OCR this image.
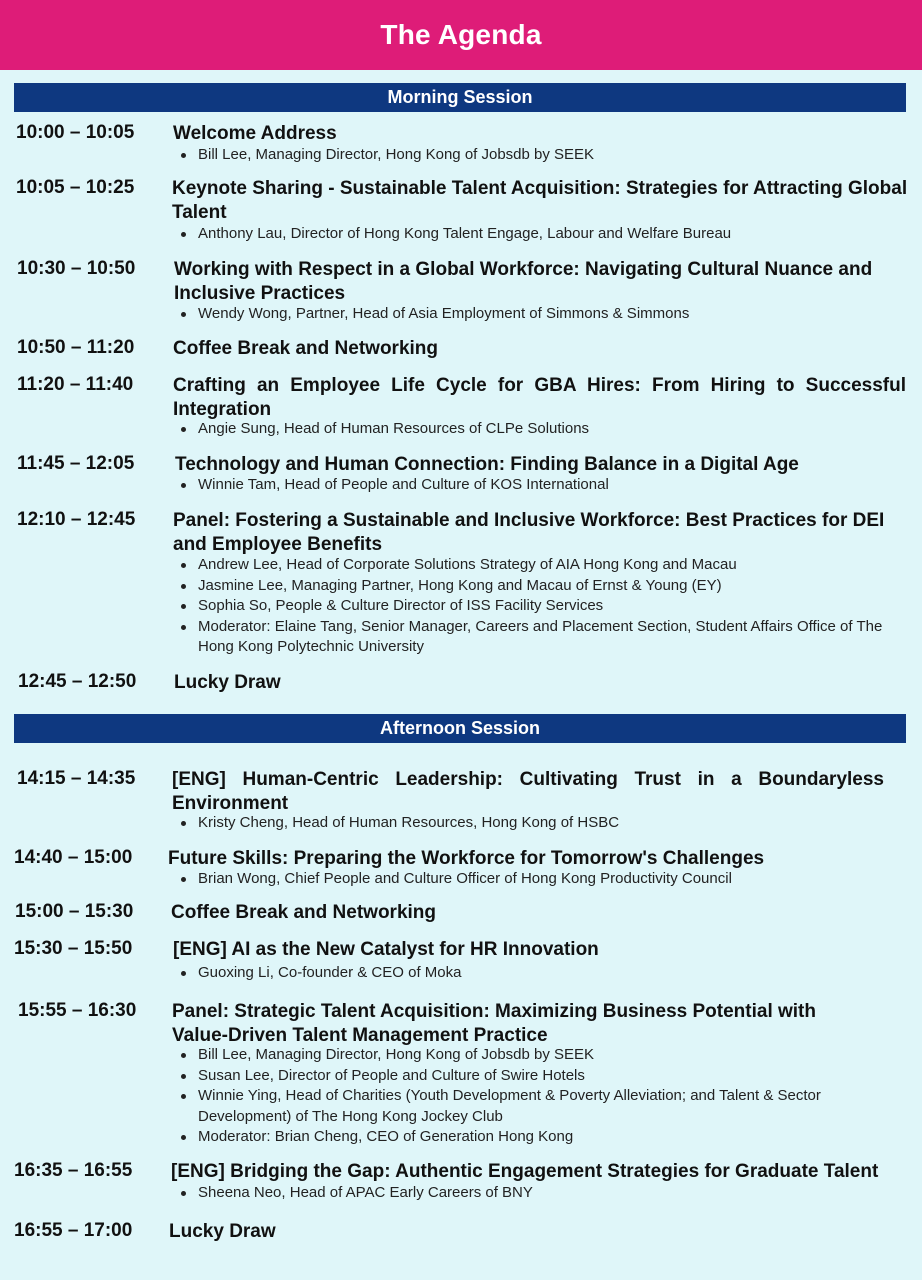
The Agenda
Morning Session
10:00 – 10:05 Welcome Address
Bill Lee, Managing Director, Hong Kong of Jobsdb by SEEK
10:05 – 10:25 Keynote Sharing - Sustainable Talent Acquisition: Strategies for Attracting Global Talent
Anthony Lau, Director of Hong Kong Talent Engage, Labour and Welfare Bureau
10:30 – 10:50 Working with Respect in a Global Workforce: Navigating Cultural Nuance and Inclusive Practices
Wendy Wong, Partner, Head of Asia Employment of Simmons & Simmons
10:50 – 11:20 Coffee Break and Networking
11:20 – 11:40 Crafting an Employee Life Cycle for GBA Hires: From Hiring to Successful Integration
Angie Sung, Head of Human Resources of CLPe Solutions
11:45 – 12:05 Technology and Human Connection: Finding Balance in a Digital Age
Winnie Tam, Head of People and Culture of KOS International
12:10 – 12:45 Panel: Fostering a Sustainable and Inclusive Workforce: Best Practices for DEI and Employee Benefits
Andrew Lee, Head of Corporate Solutions Strategy of AIA Hong Kong and Macau
Jasmine Lee, Managing Partner, Hong Kong and Macau of Ernst & Young (EY)
Sophia So, People & Culture Director of ISS Facility Services
Moderator: Elaine Tang, Senior Manager, Careers and Placement Section, Student Affairs Office of The Hong Kong Polytechnic University
12:45 – 12:50 Lucky Draw
Afternoon Session
14:15 – 14:35 [ENG] Human-Centric Leadership: Cultivating Trust in a Boundaryless Environment
Kristy Cheng, Head of Human Resources, Hong Kong of HSBC
14:40 – 15:00 Future Skills: Preparing the Workforce for Tomorrow's Challenges
Brian Wong, Chief People and Culture Officer of Hong Kong Productivity Council
15:00 – 15:30 Coffee Break and Networking
15:30 – 15:50 [ENG] AI as the New Catalyst for HR Innovation
Guoxing Li, Co-founder & CEO of Moka
15:55 – 16:30 Panel: Strategic Talent Acquisition: Maximizing Business Potential with Value-Driven Talent Management Practice
Bill Lee, Managing Director, Hong Kong of Jobsdb by SEEK
Susan Lee, Director of People and Culture of Swire Hotels
Winnie Ying, Head of Charities (Youth Development & Poverty Alleviation; and Talent & Sector Development) of The Hong Kong Jockey Club
Moderator: Brian Cheng, CEO of Generation Hong Kong
16:35 – 16:55 [ENG] Bridging the Gap: Authentic Engagement Strategies for Graduate Talent
Sheena Neo, Head of APAC Early Careers of BNY
16:55 – 17:00 Lucky Draw
